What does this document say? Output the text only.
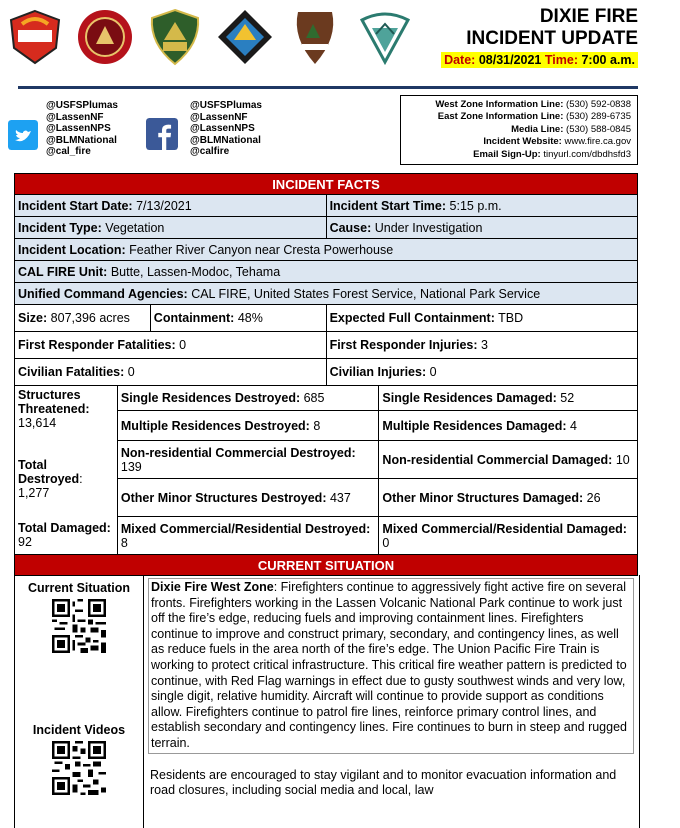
DIXIE FIRE
INCIDENT UPDATE
Date: 08/31/2021 Time: 7:00 a.m.
@USFSPlumas
@LassenNF
@LassenNPS
@BLMNational
@cal_fire
@USFSPlumas
@LassenNF
@LassenNPS
@BLMNational
@calfire
West Zone Information Line: (530) 592-0838
East Zone Information Line: (530) 289-6735
Media Line: (530) 588-0845
Incident Website: www.fire.ca.gov
Email Sign-Up: tinyurl.com/dbdhsfd3
INCIDENT FACTS				
Incident Start Date: 7/13/2021			Incident Start Time: 5:15 p.m.	
Incident Type: Vegetation			Cause: Under Investigation	
Incident Location: Feather River Canyon near Cresta Powerhouse				
CAL FIRE Unit: Butte, Lassen-Modoc, Tehama				
Unified Command Agencies: CAL FIRE, United States Forest Service, National Park Service				
Size: 807,396 acres		Containment: 48%	Expected Full Containment: TBD	
First Responder Fatalities: 0			First Responder Injuries: 3	
Civilian Fatalities: 0			Civilian Injuries: 0	
Structures Threatened:
13,614	Single Residences Destroyed: 685			Single Residences Damaged: 52
	Multiple Residences Destroyed: 8			Multiple Residences Damaged: 4
Total Destroyed:
1,277	Non-residential Commercial Destroyed: 139			Non-residential Commercial Damaged: 10
	Other Minor Structures Destroyed: 437			Other Minor Structures Damaged: 26
Total Damaged: 92	Mixed Commercial/Residential Destroyed: 8			Mixed Commercial/Residential Damaged: 0
CURRENT SITUATION				
Current Situation
Incident Videos
Dixie Fire West Zone: Firefighters continue to aggressively fight active fire on several fronts. Firefighters working in the Lassen Volcanic National Park continue to work just off the fire’s edge, reducing fuels and improving containment lines. Firefighters continue to improve and construct primary, secondary, and contingency lines, as well as reduce fuels in the area north of the fire’s edge. The Union Pacific Fire Train is working to protect critical infrastructure. This critical fire weather pattern is predicted to continue, with Red Flag warnings in effect due to gusty southwest winds and very low, single digit, relative humidity. Aircraft will continue to provide support as conditions allow. Firefighters continue to patrol fire lines, reinforce primary control lines, and establish secondary and contingency lines. Fire continues to burn in steep and rugged terrain.
Residents are encouraged to stay vigilant and to monitor evacuation information and road closures, including social media and local, law
